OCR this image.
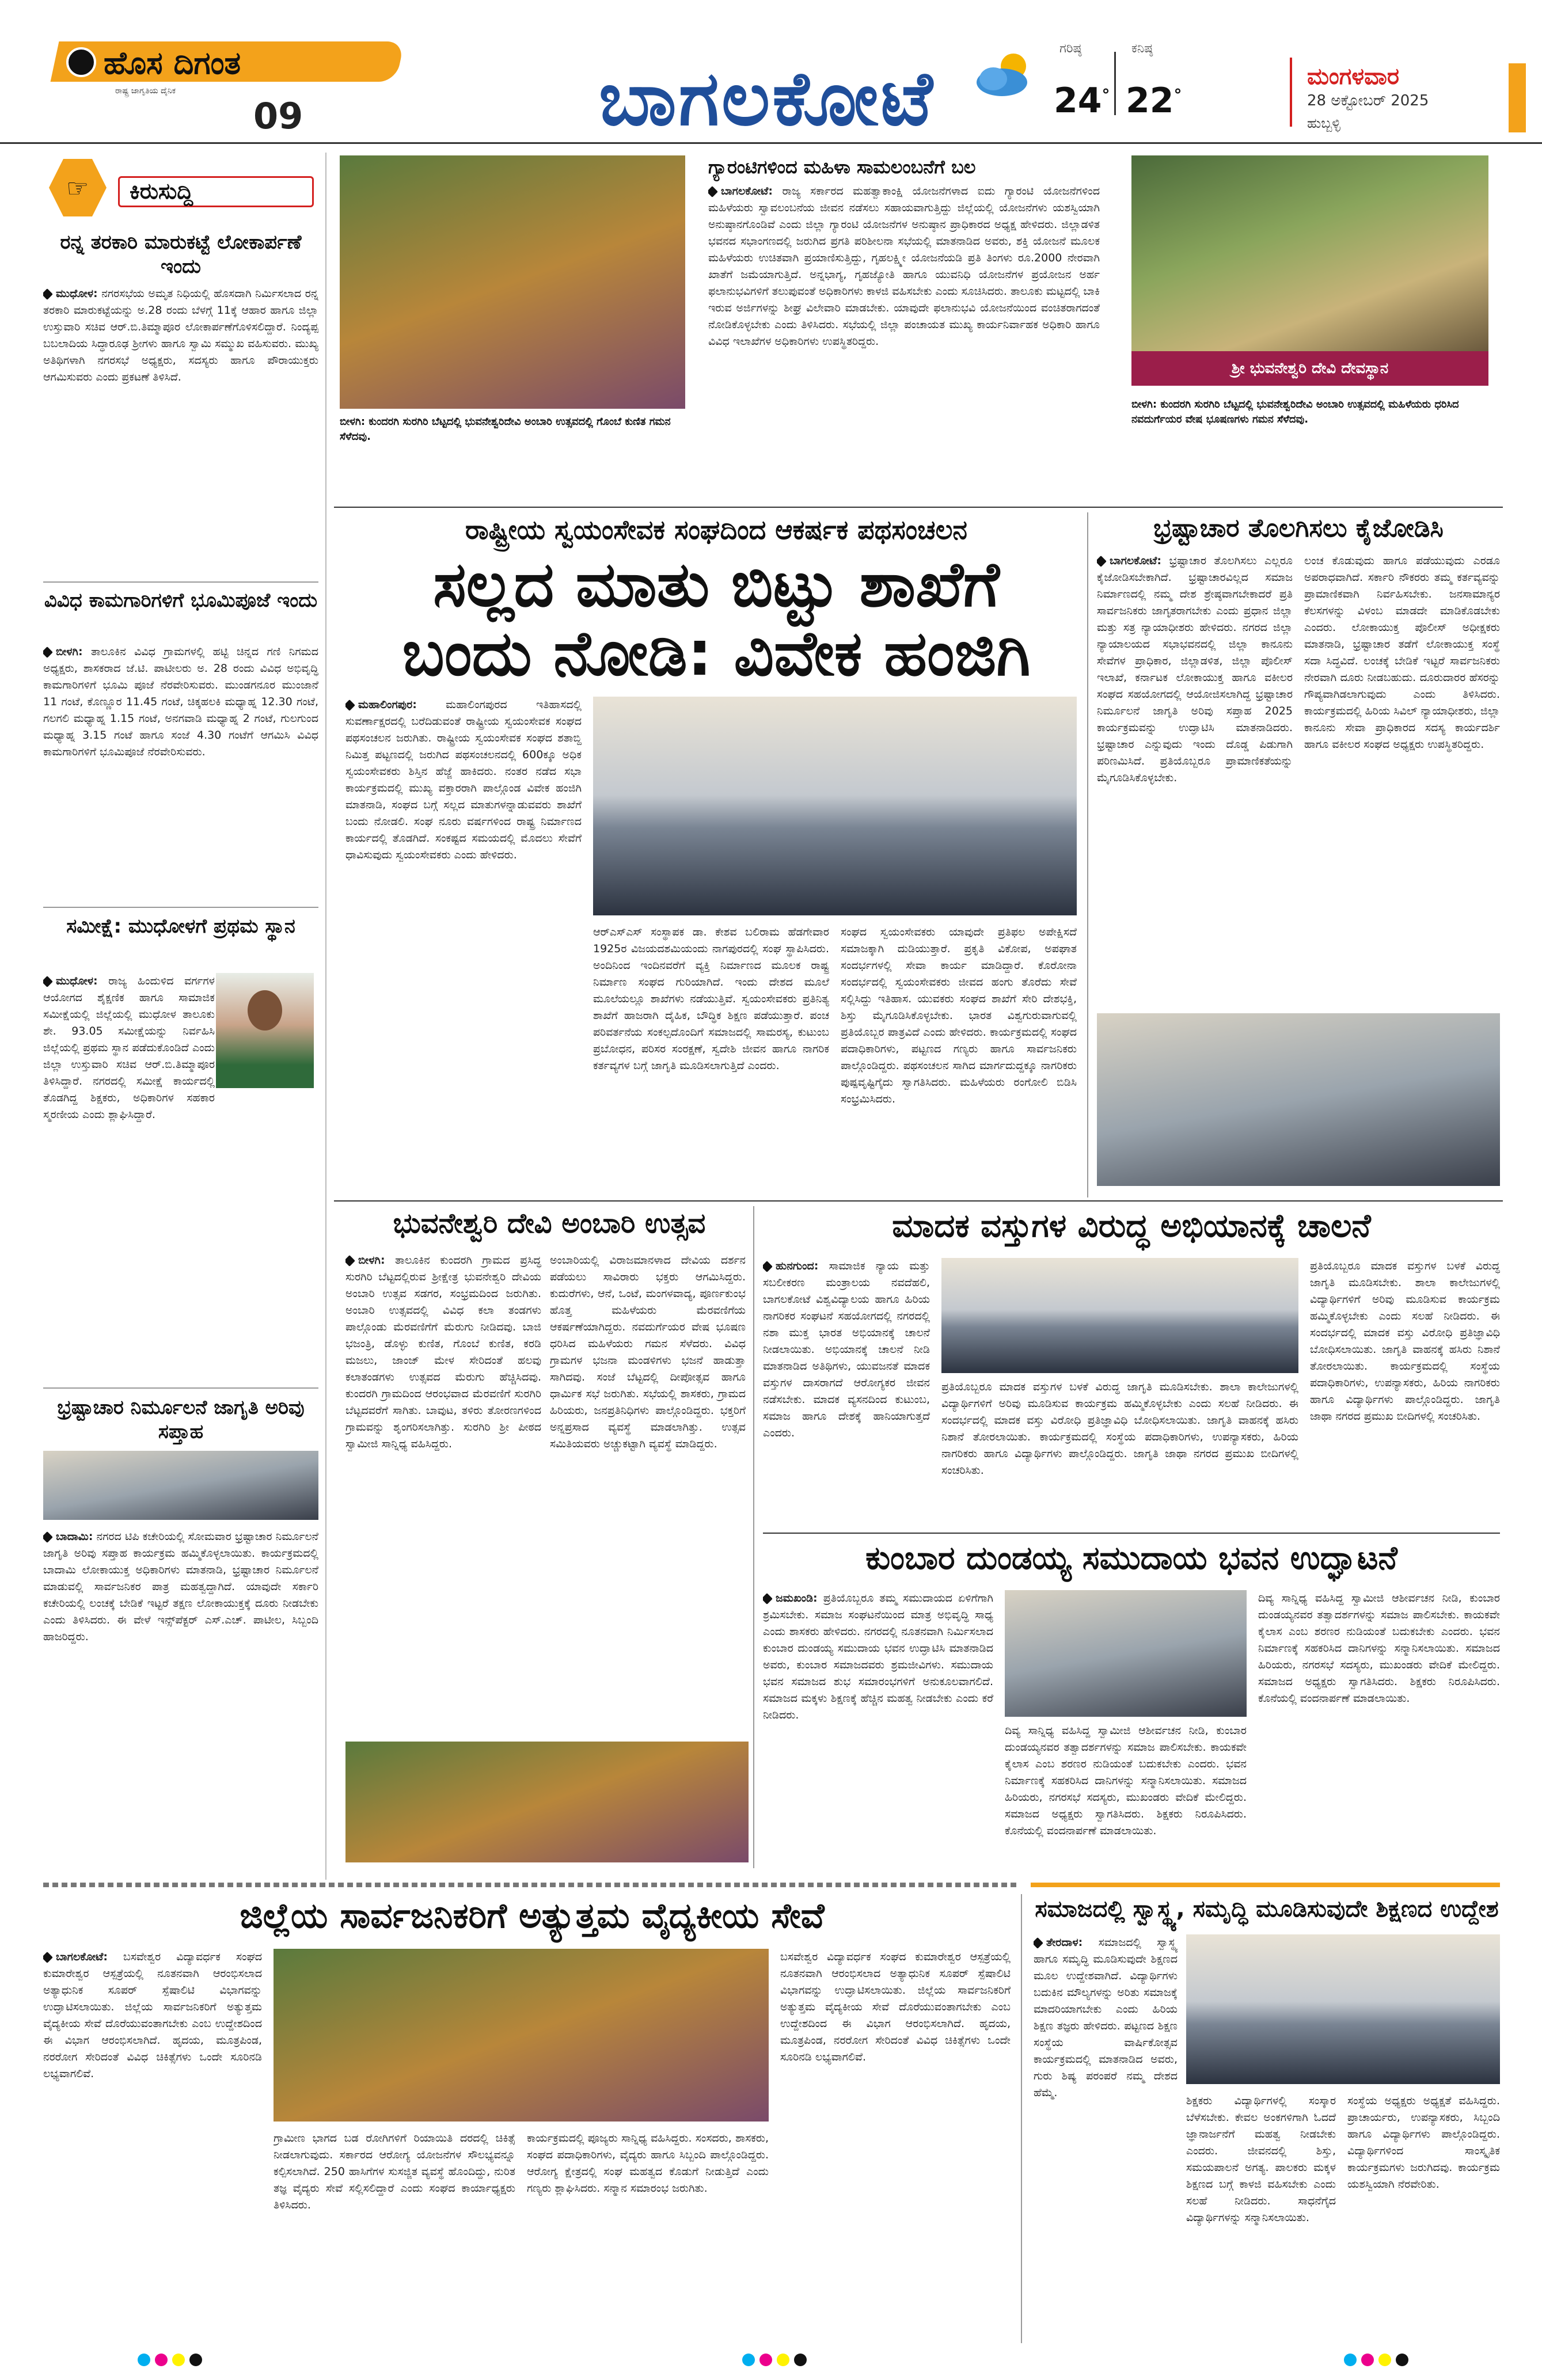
ಹೊಸ ದಿಗಂತ
ರಾಷ್ಟ್ರ ಜಾಗೃತಿಯ ದೈನಿಕ
09	ಬಾಗಲಕೋಟೆ
ಗರಿಷ್ಠ
24°
ಕನಿಷ್ಠ
22°
ಮಂಗಳವಾರ
28 ಅಕ್ಟೋಬರ್ 2025
ಹುಬ್ಬಳ್ಳಿ
☞ ಕಿರುಸುದ್ದಿ
ರನ್ನ ತರಕಾರಿ ಮಾರುಕಟ್ಟೆ ಲೋಕಾರ್ಪಣೆ ಇಂದು
ಮುಧೋಳ: ನಗರಸಭೆಯ ಅಮೃತ ನಿಧಿಯಲ್ಲಿ ಹೊಸದಾಗಿ ನಿರ್ಮಿಸಲಾದ ರನ್ನ ತರಕಾರಿ ಮಾರುಕಟ್ಟೆಯನ್ನು ಅ.28 ರಂದು ಬೆಳಗ್ಗೆ 11ಕ್ಕೆ ಆಹಾರ ಹಾಗೂ ಜಿಲ್ಲಾ ಉಸ್ತುವಾರಿ ಸಚಿವ ಆರ್.ಬಿ.ತಿಮ್ಮಾಪೂರ ಲೋಕಾರ್ಪಣೆಗೊಳಿಸಲಿದ್ದಾರೆ. ನಿಂದ್ಯಪ್ಪ ಬಬಲಾದಿಯ ಸಿದ್ಧಾರೂಢ ಶ್ರೀಗಳು ಹಾಗೂ ಸ್ವಾಮಿ ಸಮ್ಮುಖ ವಹಿಸುವರು. ಮುಖ್ಯ ಅತಿಥಿಗಳಾಗಿ ನಗರಸಭೆ ಅಧ್ಯಕ್ಷರು, ಸದಸ್ಯರು ಹಾಗೂ ಪೌರಾಯುಕ್ತರು ಆಗಮಿಸುವರು ಎಂದು ಪ್ರಕಟಣೆ ತಿಳಿಸಿದೆ.
ವಿವಿಧ ಕಾಮಗಾರಿಗಳಿಗೆ ಭೂಮಿಪೂಜೆ ಇಂದು
ಬೀಳಗಿ: ತಾಲೂಕಿನ ವಿವಿಧ ಗ್ರಾಮಗಳಲ್ಲಿ ಹಟ್ಟಿ ಚಿನ್ನದ ಗಣಿ ನಿಗಮದ ಅಧ್ಯಕ್ಷರು, ಶಾಸಕರಾದ ಜೆ.ಟಿ. ಪಾಟೀಲರು ಅ. 28 ರಂದು ವಿವಿಧ ಅಭಿವೃದ್ಧಿ ಕಾಮಗಾರಿಗಳಿಗೆ ಭೂಮಿ ಪೂಜೆ ನೆರವೇರಿಸುವರು. ಮುಂಡಗನೂರ ಮುಂಜಾನೆ 11 ಗಂಟೆ, ಕೊಣ್ಣೂರ 11.45 ಗಂಟೆ, ಚಿಕ್ಕಹಲಕಿ ಮಧ್ಯಾಹ್ನ 12.30 ಗಂಟೆ, ಗಲಗಲಿ ಮಧ್ಯಾಹ್ನ 1.15 ಗಂಟೆ, ಅನಗವಾಡಿ ಮಧ್ಯಾಹ್ನ 2 ಗಂಟೆ, ಗುಲಗುಂದ ಮಧ್ಯಾಹ್ನ 3.15 ಗಂಟೆ ಹಾಗೂ ಸಂಜೆ 4.30 ಗಂಟೆಗೆ ಆಗಮಿಸಿ ವಿವಿಧ ಕಾಮಗಾರಿಗಳಿಗೆ ಭೂಮಿಪೂಜೆ ನೆರವೇರಿಸುವರು.
ಸಮೀಕ್ಷೆ: ಮುಧೋಳಗೆ ಪ್ರಥಮ ಸ್ಥಾನ
ಮುಧೋಳ: ರಾಜ್ಯ ಹಿಂದುಳಿದ ವರ್ಗಗಳ ಆಯೋಗದ ಶೈಕ್ಷಣಿಕ ಹಾಗೂ ಸಾಮಾಜಿಕ ಸಮೀಕ್ಷೆಯಲ್ಲಿ ಜಿಲ್ಲೆಯಲ್ಲಿ ಮುಧೋಳ ತಾಲೂಕು ಶೇ. 93.05 ಸಮೀಕ್ಷೆಯನ್ನು ನಿರ್ವಹಿಸಿ ಜಿಲ್ಲೆಯಲ್ಲಿ ಪ್ರಥಮ ಸ್ಥಾನ ಪಡೆದುಕೊಂಡಿದೆ ಎಂದು ಜಿಲ್ಲಾ ಉಸ್ತುವಾರಿ ಸಚಿವ ಆರ್.ಬಿ.ತಿಮ್ಮಾಪೂರ ತಿಳಿಸಿದ್ದಾರೆ. ನಗರದಲ್ಲಿ ಸಮೀಕ್ಷೆ ಕಾರ್ಯದಲ್ಲಿ ತೊಡಗಿದ್ದ ಶಿಕ್ಷಕರು, ಅಧಿಕಾರಿಗಳ ಸಹಕಾರ ಸ್ಮರಣೀಯ ಎಂದು ಶ್ಲಾಘಿಸಿದ್ದಾರೆ.
ಭ್ರಷ್ಟಾಚಾರ ನಿರ್ಮೂಲನೆ ಜಾಗೃತಿ ಅರಿವು ಸಪ್ತಾಹ
ಬಾದಾಮಿ: ನಗರದ ಟಿಪಿ ಕಚೇರಿಯಲ್ಲಿ ಸೋಮವಾರ ಭ್ರಷ್ಟಾಚಾರ ನಿರ್ಮೂಲನೆ ಜಾಗೃತಿ ಅರಿವು ಸಪ್ತಾಹ ಕಾರ್ಯಕ್ರಮ ಹಮ್ಮಿಕೊಳ್ಳಲಾಯಿತು. ಕಾರ್ಯಕ್ರಮದಲ್ಲಿ ಬಾದಾಮಿ ಲೋಕಾಯುಕ್ತ ಅಧಿಕಾರಿಗಳು ಮಾತನಾಡಿ, ಭ್ರಷ್ಟಾಚಾರ ನಿರ್ಮೂಲನೆ ಮಾಡುವಲ್ಲಿ ಸಾರ್ವಜನಿಕರ ಪಾತ್ರ ಮಹತ್ವದ್ದಾಗಿದೆ. ಯಾವುದೇ ಸರ್ಕಾರಿ ಕಚೇರಿಯಲ್ಲಿ ಲಂಚಕ್ಕೆ ಬೇಡಿಕೆ ಇಟ್ಟರೆ ತಕ್ಷಣ ಲೋಕಾಯುಕ್ತಕ್ಕೆ ದೂರು ನೀಡಬೇಕು ಎಂದು ತಿಳಿಸಿದರು. ಈ ವೇಳೆ ಇನ್ಸ್‌ಪೆಕ್ಟರ್ ಎಸ್.ಎಚ್. ಪಾಟೀಲ, ಸಿಬ್ಬಂದಿ ಹಾಜರಿದ್ದರು.
ಬೀಳಗಿ: ಕುಂದರಗಿ ಸುರಗಿರಿ ಬೆಟ್ಟದಲ್ಲಿ ಭುವನೇಶ್ವರಿದೇವಿ ಅಂಬಾರಿ ಉತ್ಸವದಲ್ಲಿ ಗೊಂಬೆ ಕುಣಿತ ಗಮನ ಸೆಳೆದವು.
ಗ್ಯಾರಂಟಿಗಳಿಂದ ಮಹಿಳಾ ಸಾಮಲಂಬನೆಗೆ ಬಲ
ಬಾಗಲಕೋಟೆ: ರಾಜ್ಯ ಸರ್ಕಾರದ ಮಹತ್ವಾಕಾಂಕ್ಷಿ ಯೋಜನೆಗಳಾದ ಐದು ಗ್ಯಾರಂಟಿ ಯೋಜನೆಗಳಿಂದ ಮಹಿಳೆಯರು ಸ್ವಾವಲಂಬನೆಯ ಜೀವನ ನಡೆಸಲು ಸಹಾಯವಾಗುತ್ತಿದ್ದು ಜಿಲ್ಲೆಯಲ್ಲಿ ಯೋಜನೆಗಳು ಯಶಸ್ವಿಯಾಗಿ ಅನುಷ್ಠಾನಗೊಂಡಿವೆ ಎಂದು ಜಿಲ್ಲಾ ಗ್ಯಾರಂಟಿ ಯೋಜನೆಗಳ ಅನುಷ್ಠಾನ ಪ್ರಾಧಿಕಾರದ ಅಧ್ಯಕ್ಷ ಹೇಳಿದರು. ಜಿಲ್ಲಾಡಳಿತ ಭವನದ ಸಭಾಂಗಣದಲ್ಲಿ ಜರುಗಿದ ಪ್ರಗತಿ ಪರಿಶೀಲನಾ ಸಭೆಯಲ್ಲಿ ಮಾತನಾಡಿದ ಅವರು, ಶಕ್ತಿ ಯೋಜನೆ ಮೂಲಕ ಮಹಿಳೆಯರು ಉಚಿತವಾಗಿ ಪ್ರಯಾಣಿಸುತ್ತಿದ್ದು, ಗೃಹಲಕ್ಷ್ಮೀ ಯೋಜನೆಯಡಿ ಪ್ರತಿ ತಿಂಗಳು ರೂ.2000 ನೇರವಾಗಿ ಖಾತೆಗೆ ಜಮೆಯಾಗುತ್ತಿದೆ. ಅನ್ನಭಾಗ್ಯ, ಗೃಹಜ್ಯೋತಿ ಹಾಗೂ ಯುವನಿಧಿ ಯೋಜನೆಗಳ ಪ್ರಯೋಜನ ಅರ್ಹ ಫಲಾನುಭವಿಗಳಿಗೆ ತಲುಪುವಂತೆ ಅಧಿಕಾರಿಗಳು ಕಾಳಜಿ ವಹಿಸಬೇಕು ಎಂದು ಸೂಚಿಸಿದರು. ತಾಲೂಕು ಮಟ್ಟದಲ್ಲಿ ಬಾಕಿ ಇರುವ ಅರ್ಜಿಗಳನ್ನು ಶೀಘ್ರ ವಿಲೇವಾರಿ ಮಾಡಬೇಕು. ಯಾವುದೇ ಫಲಾನುಭವಿ ಯೋಜನೆಯಿಂದ ವಂಚಿತರಾಗದಂತೆ ನೋಡಿಕೊಳ್ಳಬೇಕು ಎಂದು ತಿಳಿಸಿದರು. ಸಭೆಯಲ್ಲಿ ಜಿಲ್ಲಾ ಪಂಚಾಯತ ಮುಖ್ಯ ಕಾರ್ಯನಿರ್ವಾಹಕ ಅಧಿಕಾರಿ ಹಾಗೂ ವಿವಿಧ ಇಲಾಖೆಗಳ ಅಧಿಕಾರಿಗಳು ಉಪಸ್ಥಿತರಿದ್ದರು.
ಶ್ರೀ ಭುವನೇಶ್ವರಿ ದೇವಿ ದೇವಸ್ಥಾನ
ಬೀಳಗಿ: ಕುಂದರಗಿ ಸುರಗಿರಿ ಬೆಟ್ಟದಲ್ಲಿ ಭುವನೇಶ್ವರಿದೇವಿ ಅಂಬಾರಿ ಉತ್ಸವದಲ್ಲಿ ಮಹಿಳೆಯರು ಧರಿಸಿದ ನವದುರ್ಗೆಯರ ವೇಷ ಭೂಷಣಗಳು ಗಮನ ಸೆಳೆದವು.
ರಾಷ್ಟ್ರೀಯ ಸ್ವಯಂಸೇವಕ ಸಂಘದಿಂದ ಆಕರ್ಷಕ ಪಥಸಂಚಲನ
ಸಲ್ಲದ ಮಾತು ಬಿಟ್ಟು ಶಾಖೆಗೆ
ಬಂದು ನೋಡಿ: ವಿವೇಕ ಹಂಜಿಗಿ
ಮಹಾಲಿಂಗಪುರ:	ಮಹಾಲಿಂಗಪುರದ ಇತಿಹಾಸದಲ್ಲಿ ಸುವರ್ಣಾಕ್ಷರದಲ್ಲಿ ಬರೆದಿಡುವಂತೆ ರಾಷ್ಟ್ರೀಯ ಸ್ವಯಂಸೇವಕ ಸಂಘದ ಪಥಸಂಚಲನ ಜರುಗಿತು. ರಾಷ್ಟ್ರೀಯ ಸ್ವಯಂಸೇವಕ ಸಂಘದ ಶತಾಬ್ದಿ ನಿಮಿತ್ತ ಪಟ್ಟಣದಲ್ಲಿ ಜರುಗಿದ ಪಥಸಂಚಲನದಲ್ಲಿ 600ಕ್ಕೂ ಅಧಿಕ ಸ್ವಯಂಸೇವಕರು ಶಿಸ್ತಿನ ಹೆಜ್ಜೆ ಹಾಕಿದರು. ನಂತರ ನಡೆದ ಸಭಾ ಕಾರ್ಯಕ್ರಮದಲ್ಲಿ ಮುಖ್ಯ ವಕ್ತಾರರಾಗಿ ಪಾಲ್ಗೊಂಡ ವಿವೇಕ ಹಂಜಿಗಿ ಮಾತನಾಡಿ, ಸಂಘದ ಬಗ್ಗೆ ಸಲ್ಲದ ಮಾತುಗಳನ್ನಾಡುವವರು ಶಾಖೆಗೆ ಬಂದು ನೋಡಲಿ. ಸಂಘ ನೂರು ವರ್ಷಗಳಿಂದ ರಾಷ್ಟ್ರ ನಿರ್ಮಾಣದ ಕಾರ್ಯದಲ್ಲಿ ತೊಡಗಿದೆ. ಸಂಕಷ್ಟದ ಸಮಯದಲ್ಲಿ ಮೊದಲು ಸೇವೆಗೆ ಧಾವಿಸುವುದು ಸ್ವಯಂಸೇವಕರು ಎಂದು ಹೇಳಿದರು.
ಆರ್‌ಎಸ್‌ಎಸ್ ಸಂಸ್ಥಾಪಕ ಡಾ. ಕೇಶವ ಬಲಿರಾಮ ಹೆಡಗೇವಾರ 1925ರ ವಿಜಯದಶಮಿಯಂದು ನಾಗಪುರದಲ್ಲಿ ಸಂಘ ಸ್ಥಾಪಿಸಿದರು. ಅಂದಿನಿಂದ ಇಂದಿನವರೆಗೆ ವ್ಯಕ್ತಿ ನಿರ್ಮಾಣದ ಮೂಲಕ ರಾಷ್ಟ್ರ ನಿರ್ಮಾಣ ಸಂಘದ ಗುರಿಯಾಗಿದೆ. ಇಂದು ದೇಶದ ಮೂಲೆ ಮೂಲೆಯಲ್ಲೂ ಶಾಖೆಗಳು ನಡೆಯುತ್ತಿವೆ. ಸ್ವಯಂಸೇವಕರು ಪ್ರತಿನಿತ್ಯ ಶಾಖೆಗೆ ಹಾಜರಾಗಿ ದೈಹಿಕ, ಬೌದ್ಧಿಕ ಶಿಕ್ಷಣ ಪಡೆಯುತ್ತಾರೆ. ಪಂಚ ಪರಿವರ್ತನೆಯ ಸಂಕಲ್ಪದೊಂದಿಗೆ ಸಮಾಜದಲ್ಲಿ ಸಾಮರಸ್ಯ, ಕುಟುಂಬ ಪ್ರಬೋಧನ, ಪರಿಸರ ಸಂರಕ್ಷಣೆ, ಸ್ವದೇಶಿ ಜೀವನ ಹಾಗೂ ನಾಗರಿಕ ಕರ್ತವ್ಯಗಳ ಬಗ್ಗೆ ಜಾಗೃತಿ ಮೂಡಿಸಲಾಗುತ್ತಿದೆ ಎಂದರು.
ಸಂಘದ ಸ್ವಯಂಸೇವಕರು ಯಾವುದೇ ಪ್ರತಿಫಲ ಅಪೇಕ್ಷಿಸದೆ ಸಮಾಜಕ್ಕಾಗಿ ದುಡಿಯುತ್ತಾರೆ. ಪ್ರಕೃತಿ ವಿಕೋಪ, ಅಪಘಾತ ಸಂದರ್ಭಗಳಲ್ಲಿ ಸೇವಾ ಕಾರ್ಯ ಮಾಡಿದ್ದಾರೆ. ಕೊರೋನಾ ಸಂದರ್ಭದಲ್ಲಿ ಸ್ವಯಂಸೇವಕರು ಜೀವದ ಹಂಗು ತೊರೆದು ಸೇವೆ ಸಲ್ಲಿಸಿದ್ದು ಇತಿಹಾಸ. ಯುವಕರು ಸಂಘದ ಶಾಖೆಗೆ ಸೇರಿ ದೇಶಭಕ್ತಿ, ಶಿಸ್ತು ಮೈಗೂಡಿಸಿಕೊಳ್ಳಬೇಕು. ಭಾರತ ವಿಶ್ವಗುರುವಾಗುವಲ್ಲಿ ಪ್ರತಿಯೊಬ್ಬರ ಪಾತ್ರವಿದೆ ಎಂದು ಹೇಳಿದರು. ಕಾರ್ಯಕ್ರಮದಲ್ಲಿ ಸಂಘದ ಪದಾಧಿಕಾರಿಗಳು, ಪಟ್ಟಣದ ಗಣ್ಯರು ಹಾಗೂ ಸಾರ್ವಜನಿಕರು ಪಾಲ್ಗೊಂಡಿದ್ದರು. ಪಥಸಂಚಲನ ಸಾಗಿದ ಮಾರ್ಗದುದ್ದಕ್ಕೂ ನಾಗರಿಕರು ಪುಷ್ಪವೃಷ್ಟಿಗೈದು ಸ್ವಾಗತಿಸಿದರು. ಮಹಿಳೆಯರು ರಂಗೋಲಿ ಬಿಡಿಸಿ ಸಂಭ್ರಮಿಸಿದರು.
ಭ್ರಷ್ಟಾಚಾರ ತೊಲಗಿಸಲು ಕೈಜೋಡಿಸಿ
ಬಾಗಲಕೋಟೆ: ಭ್ರಷ್ಟಾಚಾರ ತೊಲಗಿಸಲು ಎಲ್ಲರೂ ಕೈಜೋಡಿಸಬೇಕಾಗಿದೆ. ಭ್ರಷ್ಟಾಚಾರವಿಲ್ಲದ ಸಮಾಜ ನಿರ್ಮಾಣದಲ್ಲಿ ನಮ್ಮ ದೇಶ ಶ್ರೇಷ್ಠವಾಗಬೇಕಾದರೆ ಪ್ರತಿ ಸಾರ್ವಜನಿಕರು ಜಾಗೃತರಾಗಬೇಕು ಎಂದು ಪ್ರಧಾನ ಜಿಲ್ಲಾ ಮತ್ತು ಸತ್ರ ನ್ಯಾಯಾಧೀಶರು ಹೇಳಿದರು. ನಗರದ ಜಿಲ್ಲಾ ನ್ಯಾಯಾಲಯದ ಸಭಾಭವನದಲ್ಲಿ ಜಿಲ್ಲಾ ಕಾನೂನು ಸೇವೆಗಳ ಪ್ರಾಧಿಕಾರ, ಜಿಲ್ಲಾಡಳಿತ, ಜಿಲ್ಲಾ ಪೊಲೀಸ್ ಇಲಾಖೆ, ಕರ್ನಾಟಕ ಲೋಕಾಯುಕ್ತ ಹಾಗೂ ವಕೀಲರ ಸಂಘದ ಸಹಯೋಗದಲ್ಲಿ ಆಯೋಜಿಸಲಾಗಿದ್ದ ಭ್ರಷ್ಟಾಚಾರ ನಿರ್ಮೂಲನೆ ಜಾಗೃತಿ ಅರಿವು ಸಪ್ತಾಹ 2025 ಕಾರ್ಯಕ್ರಮವನ್ನು ಉದ್ಘಾಟಿಸಿ ಮಾತನಾಡಿದರು. ಭ್ರಷ್ಟಾಚಾರ ಎನ್ನುವುದು ಇಂದು ದೊಡ್ಡ ಪಿಡುಗಾಗಿ ಪರಿಣಮಿಸಿದೆ. ಪ್ರತಿಯೊಬ್ಬರೂ ಪ್ರಾಮಾಣಿಕತೆಯನ್ನು ಮೈಗೂಡಿಸಿಕೊಳ್ಳಬೇಕು.
ಲಂಚ ಕೊಡುವುದು ಹಾಗೂ ಪಡೆಯುವುದು ಎರಡೂ ಅಪರಾಧವಾಗಿದೆ. ಸರ್ಕಾರಿ ನೌಕರರು ತಮ್ಮ ಕರ್ತವ್ಯವನ್ನು ಪ್ರಾಮಾಣಿಕವಾಗಿ ನಿರ್ವಹಿಸಬೇಕು. ಜನಸಾಮಾನ್ಯರ ಕೆಲಸಗಳನ್ನು ವಿಳಂಬ ಮಾಡದೇ ಮಾಡಿಕೊಡಬೇಕು ಎಂದರು. ಲೋಕಾಯುಕ್ತ ಪೊಲೀಸ್ ಅಧೀಕ್ಷಕರು ಮಾತನಾಡಿ, ಭ್ರಷ್ಟಾಚಾರ ತಡೆಗೆ ಲೋಕಾಯುಕ್ತ ಸಂಸ್ಥೆ ಸದಾ ಸಿದ್ಧವಿದೆ. ಲಂಚಕ್ಕೆ ಬೇಡಿಕೆ ಇಟ್ಟರೆ ಸಾರ್ವಜನಿಕರು ನೇರವಾಗಿ ದೂರು ನೀಡಬಹುದು. ದೂರುದಾರರ ಹೆಸರನ್ನು ಗೌಪ್ಯವಾಗಿಡಲಾಗುವುದು ಎಂದು ತಿಳಿಸಿದರು. ಕಾರ್ಯಕ್ರಮದಲ್ಲಿ ಹಿರಿಯ ಸಿವಿಲ್ ನ್ಯಾಯಾಧೀಶರು, ಜಿಲ್ಲಾ ಕಾನೂನು ಸೇವಾ ಪ್ರಾಧಿಕಾರದ ಸದಸ್ಯ ಕಾರ್ಯದರ್ಶಿ ಹಾಗೂ ವಕೀಲರ ಸಂಘದ ಅಧ್ಯಕ್ಷರು ಉಪಸ್ಥಿತರಿದ್ದರು.
ಭುವನೇಶ್ವರಿ ದೇವಿ ಅಂಬಾರಿ ಉತ್ಸವ
ಬೀಳಗಿ: ತಾಲೂಕಿನ ಕುಂದರಗಿ ಗ್ರಾಮದ ಪ್ರಸಿದ್ಧ ಸುರಗಿರಿ ಬೆಟ್ಟದಲ್ಲಿರುವ ಶ್ರೀಕ್ಷೇತ್ರ ಭುವನೇಶ್ವರಿ ದೇವಿಯ ಅಂಬಾರಿ ಉತ್ಸವ ಸಡಗರ, ಸಂಭ್ರಮದಿಂದ ಜರುಗಿತು. ಅಂಬಾರಿ ಉತ್ಸವದಲ್ಲಿ ವಿವಿಧ ಕಲಾ ತಂಡಗಳು ಪಾಲ್ಗೊಂಡು ಮೆರವಣಿಗೆಗೆ ಮೆರುಗು ನೀಡಿದವು. ಬಾಜಿ ಭಜಂತ್ರಿ, ಡೊಳ್ಳು ಕುಣಿತ, ಗೊಂಬೆ ಕುಣಿತ, ಕರಡಿ ಮಜಲು, ಜಾಂಜ್ ಮೇಳ ಸೇರಿದಂತೆ ಹಲವು ಕಲಾತಂಡಗಳು ಉತ್ಸವದ ಮೆರುಗು ಹೆಚ್ಚಿಸಿದವು. ಕುಂದರಗಿ ಗ್ರಾಮದಿಂದ ಆರಂಭವಾದ ಮೆರವಣಿಗೆ ಸುರಗಿರಿ ಬೆಟ್ಟದವರೆಗೆ ಸಾಗಿತು. ಬಾವುಟ, ತಳಿರು ತೋರಣಗಳಿಂದ ಗ್ರಾಮವನ್ನು ಶೃಂಗರಿಸಲಾಗಿತ್ತು. ಸುರಗಿರಿ ಶ್ರೀ ಪೀಠದ ಸ್ವಾಮೀಜಿ ಸಾನ್ನಿಧ್ಯ ವಹಿಸಿದ್ದರು.
ಅಂಬಾರಿಯಲ್ಲಿ ವಿರಾಜಮಾನಳಾದ ದೇವಿಯ ದರ್ಶನ ಪಡೆಯಲು ಸಾವಿರಾರು ಭಕ್ತರು ಆಗಮಿಸಿದ್ದರು. ಕುದುರೆಗಳು, ಆನೆ, ಒಂಟೆ, ಮಂಗಳವಾದ್ಯ, ಪೂರ್ಣಕುಂಭ ಹೊತ್ತ ಮಹಿಳೆಯರು ಮೆರವಣಿಗೆಯ ಆಕರ್ಷಣೆಯಾಗಿದ್ದರು. ನವದುರ್ಗೆಯರ ವೇಷ ಭೂಷಣ ಧರಿಸಿದ ಮಹಿಳೆಯರು ಗಮನ ಸೆಳೆದರು. ವಿವಿಧ ಗ್ರಾಮಗಳ ಭಜನಾ ಮಂಡಳಿಗಳು ಭಜನೆ ಹಾಡುತ್ತಾ ಸಾಗಿದವು. ಸಂಜೆ ಬೆಟ್ಟದಲ್ಲಿ ದೀಪೋತ್ಸವ ಹಾಗೂ ಧಾರ್ಮಿಕ ಸಭೆ ಜರುಗಿತು. ಸಭೆಯಲ್ಲಿ ಶಾಸಕರು, ಗ್ರಾಮದ ಹಿರಿಯರು, ಜನಪ್ರತಿನಿಧಿಗಳು ಪಾಲ್ಗೊಂಡಿದ್ದರು. ಭಕ್ತರಿಗೆ ಅನ್ನಪ್ರಸಾದ ವ್ಯವಸ್ಥೆ ಮಾಡಲಾಗಿತ್ತು. ಉತ್ಸವ ಸಮಿತಿಯವರು ಅಚ್ಚುಕಟ್ಟಾಗಿ ವ್ಯವಸ್ಥೆ ಮಾಡಿದ್ದರು.
ಮಾದಕ ವಸ್ತುಗಳ ವಿರುದ್ಧ ಅಭಿಯಾನಕ್ಕೆ ಚಾಲನೆ
ಹುನಗುಂದ: ಸಾಮಾಜಿಕ ನ್ಯಾಯ ಮತ್ತು ಸಬಲೀಕರಣ ಮಂತ್ರಾಲಯ ನವದೆಹಲಿ, ಬಾಗಲಕೋಟೆ ವಿಶ್ವವಿದ್ಯಾಲಯ ಹಾಗೂ ಹಿರಿಯ ನಾಗರಿಕರ ಸಂಘಟನೆ ಸಹಯೋಗದಲ್ಲಿ ನಗರದಲ್ಲಿ ನಶಾ ಮುಕ್ತ ಭಾರತ ಅಭಿಯಾನಕ್ಕೆ ಚಾಲನೆ ನೀಡಲಾಯಿತು. ಅಭಿಯಾನಕ್ಕೆ ಚಾಲನೆ ನೀಡಿ ಮಾತನಾಡಿದ ಅತಿಥಿಗಳು, ಯುವಜನತೆ ಮಾದಕ ವಸ್ತುಗಳ ದಾಸರಾಗದೆ ಆರೋಗ್ಯಕರ ಜೀವನ ನಡೆಸಬೇಕು. ಮಾದಕ ವ್ಯಸನದಿಂದ ಕುಟುಂಬ, ಸಮಾಜ ಹಾಗೂ ದೇಶಕ್ಕೆ ಹಾನಿಯಾಗುತ್ತದೆ ಎಂದರು.
ಪ್ರತಿಯೊಬ್ಬರೂ ಮಾದಕ ವಸ್ತುಗಳ ಬಳಕೆ ವಿರುದ್ಧ ಜಾಗೃತಿ ಮೂಡಿಸಬೇಕು. ಶಾಲಾ ಕಾಲೇಜುಗಳಲ್ಲಿ ವಿದ್ಯಾರ್ಥಿಗಳಿಗೆ ಅರಿವು ಮೂಡಿಸುವ ಕಾರ್ಯಕ್ರಮ ಹಮ್ಮಿಕೊಳ್ಳಬೇಕು ಎಂದು ಸಲಹೆ ನೀಡಿದರು. ಈ ಸಂದರ್ಭದಲ್ಲಿ ಮಾದಕ ವಸ್ತು ವಿರೋಧಿ ಪ್ರತಿಜ್ಞಾವಿಧಿ ಬೋಧಿಸಲಾಯಿತು. ಜಾಗೃತಿ ವಾಹನಕ್ಕೆ ಹಸಿರು ನಿಶಾನೆ ತೋರಲಾಯಿತು. ಕಾರ್ಯಕ್ರಮದಲ್ಲಿ ಸಂಸ್ಥೆಯ ಪದಾಧಿಕಾರಿಗಳು, ಉಪನ್ಯಾಸಕರು, ಹಿರಿಯ ನಾಗರಿಕರು ಹಾಗೂ ವಿದ್ಯಾರ್ಥಿಗಳು ಪಾಲ್ಗೊಂಡಿದ್ದರು. ಜಾಗೃತಿ ಜಾಥಾ ನಗರದ ಪ್ರಮುಖ ಬೀದಿಗಳಲ್ಲಿ ಸಂಚರಿಸಿತು.
ಪ್ರತಿಯೊಬ್ಬರೂ ಮಾದಕ ವಸ್ತುಗಳ ಬಳಕೆ ವಿರುದ್ಧ ಜಾಗೃತಿ ಮೂಡಿಸಬೇಕು. ಶಾಲಾ ಕಾಲೇಜುಗಳಲ್ಲಿ ವಿದ್ಯಾರ್ಥಿಗಳಿಗೆ ಅರಿವು ಮೂಡಿಸುವ ಕಾರ್ಯಕ್ರಮ ಹಮ್ಮಿಕೊಳ್ಳಬೇಕು ಎಂದು ಸಲಹೆ ನೀಡಿದರು. ಈ ಸಂದರ್ಭದಲ್ಲಿ ಮಾದಕ ವಸ್ತು ವಿರೋಧಿ ಪ್ರತಿಜ್ಞಾವಿಧಿ ಬೋಧಿಸಲಾಯಿತು. ಜಾಗೃತಿ ವಾಹನಕ್ಕೆ ಹಸಿರು ನಿಶಾನೆ ತೋರಲಾಯಿತು. ಕಾರ್ಯಕ್ರಮದಲ್ಲಿ ಸಂಸ್ಥೆಯ ಪದಾಧಿಕಾರಿಗಳು, ಉಪನ್ಯಾಸಕರು, ಹಿರಿಯ ನಾಗರಿಕರು ಹಾಗೂ ವಿದ್ಯಾರ್ಥಿಗಳು ಪಾಲ್ಗೊಂಡಿದ್ದರು. ಜಾಗೃತಿ ಜಾಥಾ ನಗರದ ಪ್ರಮುಖ ಬೀದಿಗಳಲ್ಲಿ ಸಂಚರಿಸಿತು.
ಕುಂಬಾರ ದುಂಡಯ್ಯ ಸಮುದಾಯ ಭವನ ಉದ್ಘಾಟನೆ
ಜಮಖಂಡಿ: ಪ್ರತಿಯೊಬ್ಬರೂ ತಮ್ಮ ಸಮುದಾಯದ ಏಳಿಗೆಗಾಗಿ ಶ್ರಮಿಸಬೇಕು. ಸಮಾಜ ಸಂಘಟನೆಯಿಂದ ಮಾತ್ರ ಅಭಿವೃದ್ಧಿ ಸಾಧ್ಯ ಎಂದು ಶಾಸಕರು ಹೇಳಿದರು. ನಗರದಲ್ಲಿ ನೂತನವಾಗಿ ನಿರ್ಮಿಸಲಾದ ಕುಂಬಾರ ದುಂಡಯ್ಯ ಸಮುದಾಯ ಭವನ ಉದ್ಘಾಟಿಸಿ ಮಾತನಾಡಿದ ಅವರು, ಕುಂಬಾರ ಸಮಾಜದವರು ಶ್ರಮಜೀವಿಗಳು. ಸಮುದಾಯ ಭವನ ಸಮಾಜದ ಶುಭ ಸಮಾರಂಭಗಳಿಗೆ ಅನುಕೂಲವಾಗಲಿದೆ. ಸಮಾಜದ ಮಕ್ಕಳು ಶಿಕ್ಷಣಕ್ಕೆ ಹೆಚ್ಚಿನ ಮಹತ್ವ ನೀಡಬೇಕು ಎಂದು ಕರೆ ನೀಡಿದರು.
ದಿವ್ಯ ಸಾನ್ನಿಧ್ಯ ವಹಿಸಿದ್ದ ಸ್ವಾಮೀಜಿ ಆಶೀರ್ವಚನ ನೀಡಿ, ಕುಂಬಾರ ದುಂಡಯ್ಯನವರ ತತ್ವಾದರ್ಶಗಳನ್ನು ಸಮಾಜ ಪಾಲಿಸಬೇಕು. ಕಾಯಕವೇ ಕೈಲಾಸ ಎಂಬ ಶರಣರ ನುಡಿಯಂತೆ ಬದುಕಬೇಕು ಎಂದರು. ಭವನ ನಿರ್ಮಾಣಕ್ಕೆ ಸಹಕರಿಸಿದ ದಾನಿಗಳನ್ನು ಸನ್ಮಾನಿಸಲಾಯಿತು. ಸಮಾಜದ ಹಿರಿಯರು, ನಗರಸಭೆ ಸದಸ್ಯರು, ಮುಖಂಡರು ವೇದಿಕೆ ಮೇಲಿದ್ದರು. ಸಮಾಜದ ಅಧ್ಯಕ್ಷರು ಸ್ವಾಗತಿಸಿದರು. ಶಿಕ್ಷಕರು ನಿರೂಪಿಸಿದರು. ಕೊನೆಯಲ್ಲಿ ವಂದನಾರ್ಪಣೆ ಮಾಡಲಾಯಿತು.
ದಿವ್ಯ ಸಾನ್ನಿಧ್ಯ ವಹಿಸಿದ್ದ ಸ್ವಾಮೀಜಿ ಆಶೀರ್ವಚನ ನೀಡಿ, ಕುಂಬಾರ ದುಂಡಯ್ಯನವರ ತತ್ವಾದರ್ಶಗಳನ್ನು ಸಮಾಜ ಪಾಲಿಸಬೇಕು. ಕಾಯಕವೇ ಕೈಲಾಸ ಎಂಬ ಶರಣರ ನುಡಿಯಂತೆ ಬದುಕಬೇಕು ಎಂದರು. ಭವನ ನಿರ್ಮಾಣಕ್ಕೆ ಸಹಕರಿಸಿದ ದಾನಿಗಳನ್ನು ಸನ್ಮಾನಿಸಲಾಯಿತು. ಸಮಾಜದ ಹಿರಿಯರು, ನಗರಸಭೆ ಸದಸ್ಯರು, ಮುಖಂಡರು ವೇದಿಕೆ ಮೇಲಿದ್ದರು. ಸಮಾಜದ ಅಧ್ಯಕ್ಷರು ಸ್ವಾಗತಿಸಿದರು. ಶಿಕ್ಷಕರು ನಿರೂಪಿಸಿದರು. ಕೊನೆಯಲ್ಲಿ ವಂದನಾರ್ಪಣೆ ಮಾಡಲಾಯಿತು.
ಜಿಲ್ಲೆಯ ಸಾರ್ವಜನಿಕರಿಗೆ ಅತ್ಯುತ್ತಮ ವೈದ್ಯಕೀಯ ಸೇವೆ
ಬಾಗಲಕೋಟೆ: ಬಸವೇಶ್ವರ ವಿದ್ಯಾವರ್ಧಕ ಸಂಘದ ಕುಮಾರೇಶ್ವರ ಆಸ್ಪತ್ರೆಯಲ್ಲಿ ನೂತನವಾಗಿ ಆರಂಭಿಸಲಾದ ಅತ್ಯಾಧುನಿಕ ಸೂಪರ್ ಸ್ಪೆಷಾಲಿಟಿ ವಿಭಾಗವನ್ನು ಉದ್ಘಾಟಿಸಲಾಯಿತು. ಜಿಲ್ಲೆಯ ಸಾರ್ವಜನಿಕರಿಗೆ ಅತ್ಯುತ್ತಮ ವೈದ್ಯಕೀಯ ಸೇವೆ ದೊರೆಯುವಂತಾಗಬೇಕು ಎಂಬ ಉದ್ದೇಶದಿಂದ ಈ ವಿಭಾಗ ಆರಂಭಿಸಲಾಗಿದೆ. ಹೃದಯ, ಮೂತ್ರಪಿಂಡ, ನರರೋಗ ಸೇರಿದಂತೆ ವಿವಿಧ ಚಿಕಿತ್ಸೆಗಳು ಒಂದೇ ಸೂರಿನಡಿ ಲಭ್ಯವಾಗಲಿವೆ.
ಗ್ರಾಮೀಣ ಭಾಗದ ಬಡ ರೋಗಿಗಳಿಗೆ ರಿಯಾಯಿತಿ ದರದಲ್ಲಿ ಚಿಕಿತ್ಸೆ ನೀಡಲಾಗುವುದು. ಸರ್ಕಾರದ ಆರೋಗ್ಯ ಯೋಜನೆಗಳ ಸೌಲಭ್ಯವನ್ನೂ ಕಲ್ಪಿಸಲಾಗಿದೆ. 250 ಹಾಸಿಗೆಗಳ ಸುಸಜ್ಜಿತ ವ್ಯವಸ್ಥೆ ಹೊಂದಿದ್ದು, ನುರಿತ ತಜ್ಞ ವೈದ್ಯರು ಸೇವೆ ಸಲ್ಲಿಸಲಿದ್ದಾರೆ ಎಂದು ಸಂಘದ ಕಾರ್ಯಾಧ್ಯಕ್ಷರು ತಿಳಿಸಿದರು.
ಕಾರ್ಯಕ್ರಮದಲ್ಲಿ ಪೂಜ್ಯರು ಸಾನ್ನಿಧ್ಯ ವಹಿಸಿದ್ದರು. ಸಂಸದರು, ಶಾಸಕರು, ಸಂಘದ ಪದಾಧಿಕಾರಿಗಳು, ವೈದ್ಯರು ಹಾಗೂ ಸಿಬ್ಬಂದಿ ಪಾಲ್ಗೊಂಡಿದ್ದರು. ಆರೋಗ್ಯ ಕ್ಷೇತ್ರದಲ್ಲಿ ಸಂಘ ಮಹತ್ವದ ಕೊಡುಗೆ ನೀಡುತ್ತಿದೆ ಎಂದು ಗಣ್ಯರು ಶ್ಲಾಘಿಸಿದರು. ಸನ್ಮಾನ ಸಮಾರಂಭ ಜರುಗಿತು.
ಬಸವೇಶ್ವರ ವಿದ್ಯಾವರ್ಧಕ ಸಂಘದ ಕುಮಾರೇಶ್ವರ ಆಸ್ಪತ್ರೆಯಲ್ಲಿ ನೂತನವಾಗಿ ಆರಂಭಿಸಲಾದ ಅತ್ಯಾಧುನಿಕ ಸೂಪರ್ ಸ್ಪೆಷಾಲಿಟಿ ವಿಭಾಗವನ್ನು ಉದ್ಘಾಟಿಸಲಾಯಿತು. ಜಿಲ್ಲೆಯ ಸಾರ್ವಜನಿಕರಿಗೆ ಅತ್ಯುತ್ತಮ ವೈದ್ಯಕೀಯ ಸೇವೆ ದೊರೆಯುವಂತಾಗಬೇಕು ಎಂಬ ಉದ್ದೇಶದಿಂದ ಈ ವಿಭಾಗ ಆರಂಭಿಸಲಾಗಿದೆ. ಹೃದಯ, ಮೂತ್ರಪಿಂಡ, ನರರೋಗ ಸೇರಿದಂತೆ ವಿವಿಧ ಚಿಕಿತ್ಸೆಗಳು ಒಂದೇ ಸೂರಿನಡಿ ಲಭ್ಯವಾಗಲಿವೆ.
ಸಮಾಜದಲ್ಲಿ ಸ್ವಾಸ್ಥ್ಯ, ಸಮೃದ್ಧಿ ಮೂಡಿಸುವುದೇ ಶಿಕ್ಷಣದ ಉದ್ದೇಶ
ತೇರದಾಳ: ಸಮಾಜದಲ್ಲಿ ಸ್ವಾಸ್ಥ್ಯ ಹಾಗೂ ಸಮೃದ್ಧಿ ಮೂಡಿಸುವುದೇ ಶಿಕ್ಷಣದ ಮೂಲ ಉದ್ದೇಶವಾಗಿದೆ. ವಿದ್ಯಾರ್ಥಿಗಳು ಬದುಕಿನ ಮೌಲ್ಯಗಳನ್ನು ಅರಿತು ಸಮಾಜಕ್ಕೆ ಮಾದರಿಯಾಗಬೇಕು ಎಂದು ಹಿರಿಯ ಶಿಕ್ಷಣ ತಜ್ಞರು ಹೇಳಿದರು. ಪಟ್ಟಣದ ಶಿಕ್ಷಣ ಸಂಸ್ಥೆಯ ವಾರ್ಷಿಕೋತ್ಸವ ಕಾರ್ಯಕ್ರಮದಲ್ಲಿ ಮಾತನಾಡಿದ ಅವರು, ಗುರು ಶಿಷ್ಯ ಪರಂಪರೆ ನಮ್ಮ ದೇಶದ ಹೆಮ್ಮೆ.
ಶಿಕ್ಷಕರು ವಿದ್ಯಾರ್ಥಿಗಳಲ್ಲಿ ಸಂಸ್ಕಾರ ಬೆಳೆಸಬೇಕು. ಕೇವಲ ಅಂಕಗಳಿಗಾಗಿ ಓದದೆ ಜ್ಞಾನಾರ್ಜನೆಗೆ ಮಹತ್ವ ನೀಡಬೇಕು ಎಂದರು. ಜೀವನದಲ್ಲಿ ಶಿಸ್ತು, ಸಮಯಪಾಲನೆ ಅಗತ್ಯ. ಪಾಲಕರು ಮಕ್ಕಳ ಶಿಕ್ಷಣದ ಬಗ್ಗೆ ಕಾಳಜಿ ವಹಿಸಬೇಕು ಎಂದು ಸಲಹೆ ನೀಡಿದರು. ಸಾಧನೆಗೈದ ವಿದ್ಯಾರ್ಥಿಗಳನ್ನು ಸನ್ಮಾನಿಸಲಾಯಿತು.
ಸಂಸ್ಥೆಯ ಅಧ್ಯಕ್ಷರು ಅಧ್ಯಕ್ಷತೆ ವಹಿಸಿದ್ದರು. ಪ್ರಾಚಾರ್ಯರು, ಉಪನ್ಯಾಸಕರು, ಸಿಬ್ಬಂದಿ ಹಾಗೂ ವಿದ್ಯಾರ್ಥಿಗಳು ಪಾಲ್ಗೊಂಡಿದ್ದರು. ವಿದ್ಯಾರ್ಥಿಗಳಿಂದ ಸಾಂಸ್ಕೃತಿಕ ಕಾರ್ಯಕ್ರಮಗಳು ಜರುಗಿದವು. ಕಾರ್ಯಕ್ರಮ ಯಶಸ್ವಿಯಾಗಿ ನೆರವೇರಿತು.
